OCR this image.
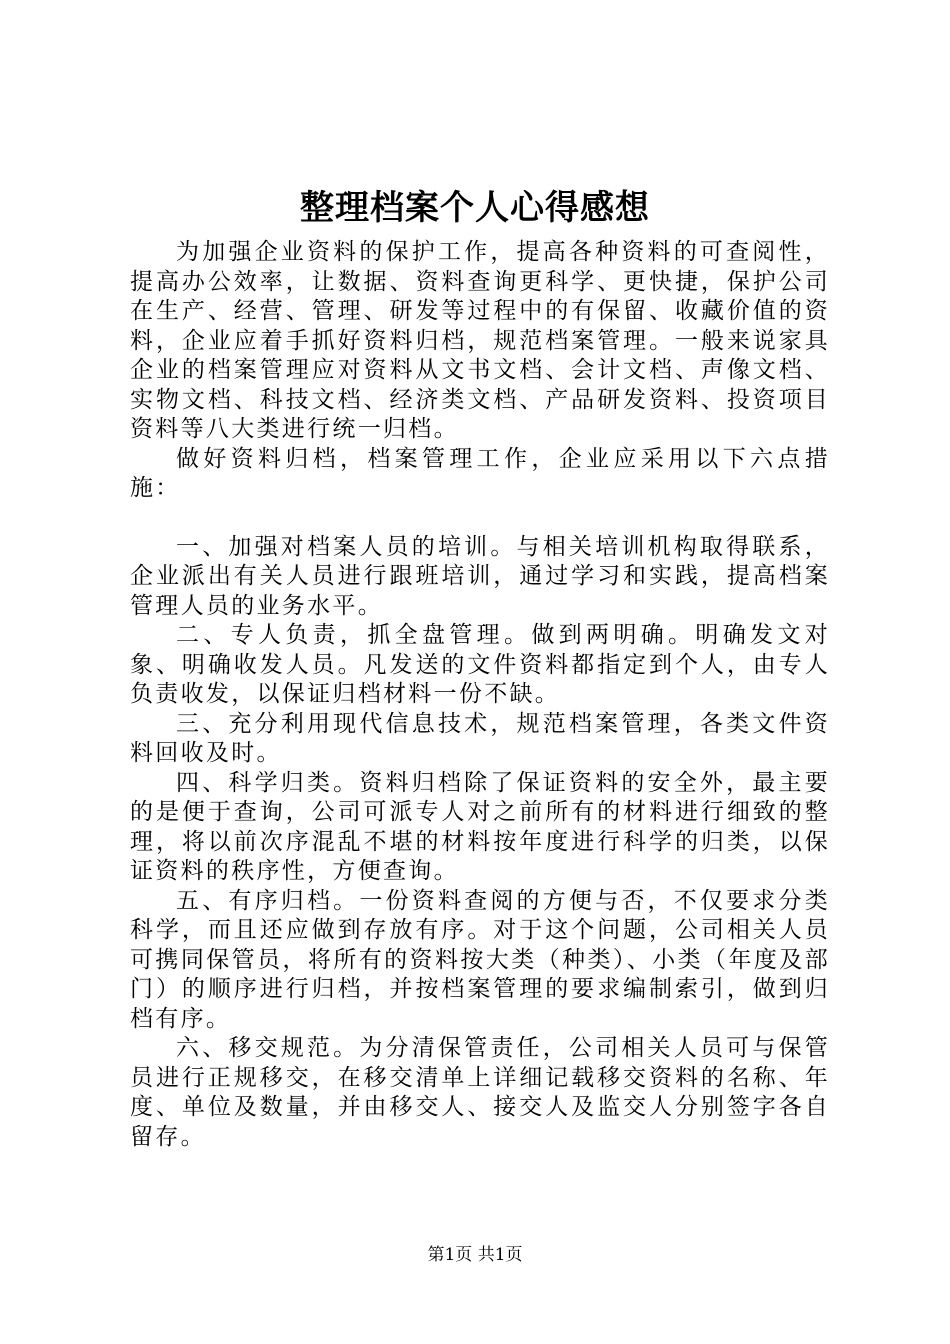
整理档案个人心得感想

为加强企业资料的保护工作，提高各种资料的可查阅性，提高办公效率，让数据、资料查询更科学、更快捷，保护公司在生产、经营、管理、研发等过程中的有保留、收藏价值的资料，企业应着手抓好资料归档，规范档案管理。一般来说家具企业的档案管理应对资料从文书文档、会计文档、声像文档、实物文档、科技文档、经济类文档、产品研发资料、投资项目资料等八大类进行统一归档。

做好资料归档，档案管理工作，企业应采用以下六点措施：

一、加强对档案人员的培训。与相关培训机构取得联系，企业派出有关人员进行跟班培训，通过学习和实践，提高档案管理人员的业务水平。

二、专人负责，抓全盘管理。做到两明确。明确发文对象、明确收发人员。凡发送的文件资料都指定到个人，由专人负责收发，以保证归档材料一份不缺。

三、充分利用现代信息技术，规范档案管理，各类文件资料回收及时。

四、科学归类。资料归档除了保证资料的安全外，最主要的是便于查询，公司可派专人对之前所有的材料进行细致的整理，将以前次序混乱不堪的材料按年度进行科学的归类，以保证资料的秩序性，方便查询。

五、有序归档。一份资料查阅的方便与否，不仅要求分类科学，而且还应做到存放有序。对于这个问题，公司相关人员可携同保管员，将所有的资料按大类（种类）、小类（年度及部门）的顺序进行归档，并按档案管理的要求编制索引，做到归档有序。

六、移交规范。为分清保管责任，公司相关人员可与保管员进行正规移交，在移交清单上详细记载移交资料的名称、年度、单位及数量，并由移交人、接交人及监交人分别签字各自留存。

第1页 共1页
